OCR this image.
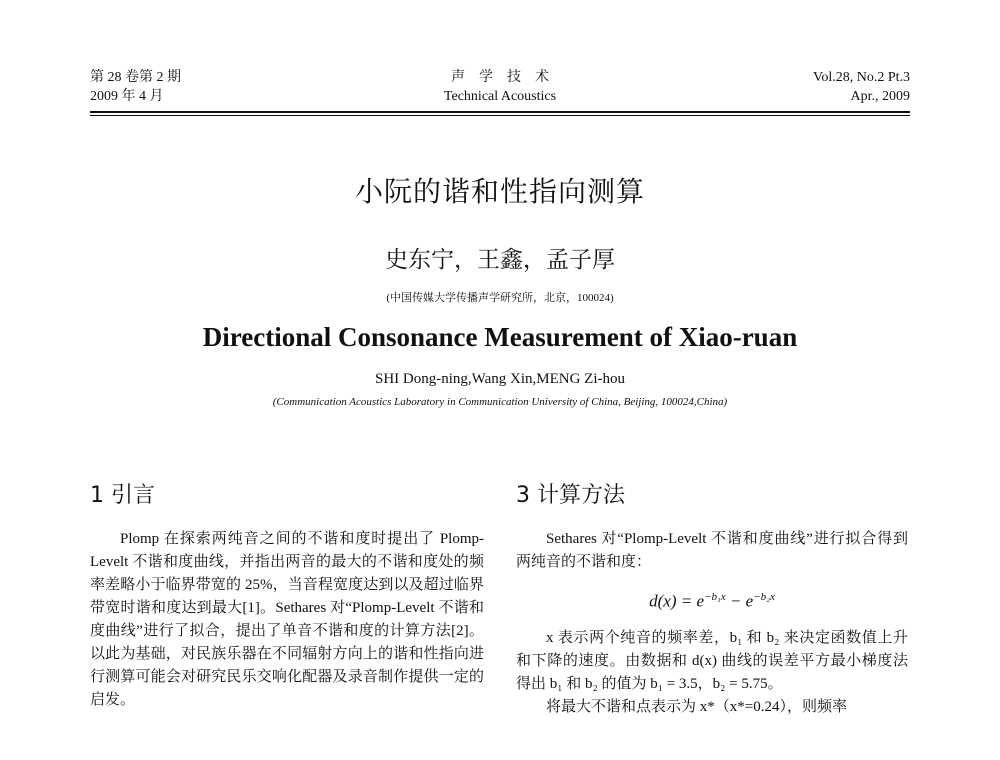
第 28 卷第 2 期
2009 年 4 月
声学技术
Technical Acoustics
Vol.28, No.2 Pt.3
Apr., 2009
小阮的谐和性指向测算
史东宁，王鑫，孟子厚
(中国传媒大学传播声学研究所，北京，100024)
Directional Consonance Measurement of Xiao-ruan
SHI Dong-ning,Wang Xin,MENG Zi-hou
(Communication Acoustics Laboratory in Communication University of China, Beijing, 100024,China)
1 引言	3 计算方法

Plomp 在探索两纯音之间的不谐和度时提出了 Plomp-Levelt 不谐和度曲线，并指出两音的最大的不谐和度处的频率差略小于临界带宽的 25%，当音程宽度达到以及超过临界带宽时谐和度达到最大[1]。Sethares 对“Plomp-Levelt 不谐和度曲线”进行了拟合，提出了单音不谐和度的计算方法[2]。以此为基础，对民族乐器在不同辐射方向上的谐和性指向进行测算可能会对研究民乐交响化配器及录音制作提供一定的启发。

Sethares 对“Plomp-Levelt 不谐和度曲线”进行拟合得到两纯音的不谐和度：

$d(x) = e^{-b_1x} - e^{-b_2x}$

x 表示两个纯音的频率差，b₁ 和 b₂ 来决定函数值上升和下降的速度。由数据和 d(x) 曲线的误差平方最小梯度法得出 b₁ 和 b₂ 的值为 b₁ = 3.5，b₂ = 5.75。

将最大不谐和点表示为 x*（x*=0.24），则频率
